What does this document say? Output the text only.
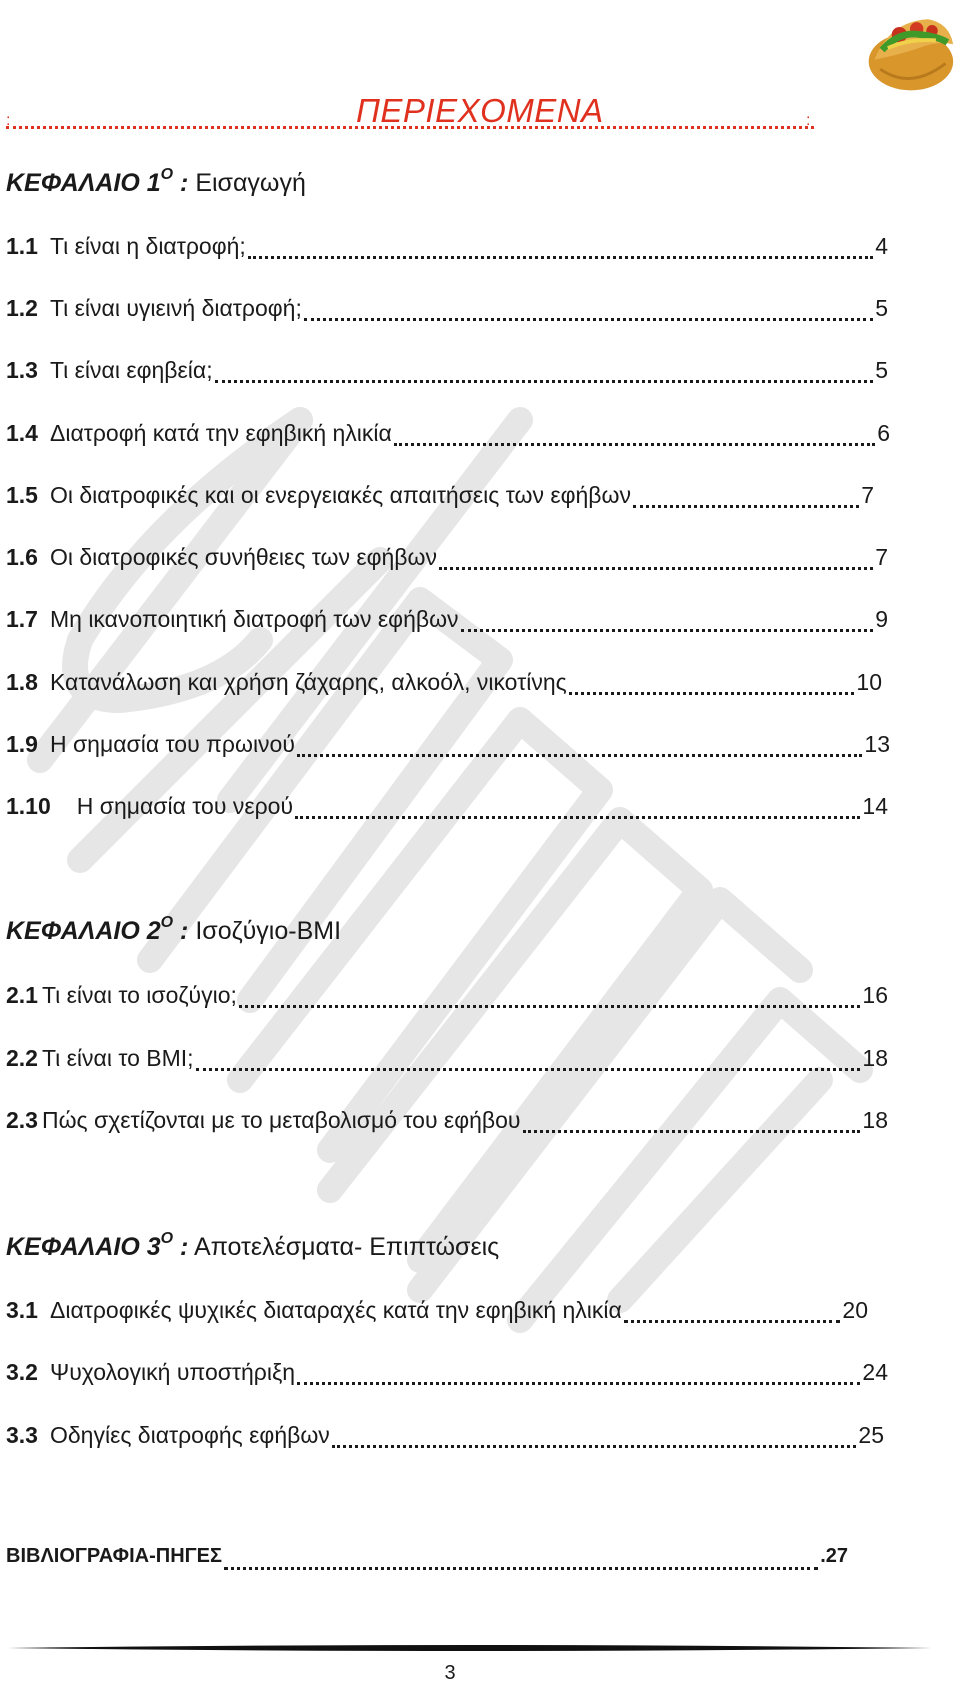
:	ΠΕΡΙΕΧΟΜΕΝΑ	:
ΚΕΦΑΛΑΙΟ $1^O$ : Εισαγωγή
1.1 Τι είναι η διατροφή;	4
1.2 Τι είναι υγιεινή διατροφή;	5
1.3 Τι είναι εφηβεία;	5
1.4 Διατροφή κατά την εφηβική ηλικία	6
1.5 Οι διατροφικές και οι ενεργειακές απαιτήσεις των εφήβων	7
1.6 Οι διατροφικές συνήθειες των εφήβων	7
1.7 Μη ικανοποιητική διατροφή των εφήβων	9
1.8 Κατανάλωση και χρήση ζάχαρης, αλκοόλ, νικοτίνης	10
1.9 Η σημασία του πρωινού	13
1.10 Η σημασία του νερού	14
ΚΕΦΑΛΑΙΟ $2^O$ : Ισοζύγιο-BMI
2.1 Τι είναι το ισοζύγιο;	16
2.2 Τι είναι το BMI;	18
2.3 Πώς σχετίζονται με το μεταβολισμό του εφήβου	18
ΚΕΦΑΛΑΙΟ $3^O$ : Αποτελέσματα- Επιπτώσεις
3.1 Διατροφικές ψυχικές διαταραχές κατά την εφηβική ηλικία	20
3.2 Ψυχολογική υποστήριξη	24
3.3 Οδηγίες διατροφής εφήβων	25
ΒΙΒΛΙΟΓΡΑΦΙΑ-ΠΗΓΕΣ	.27
3
